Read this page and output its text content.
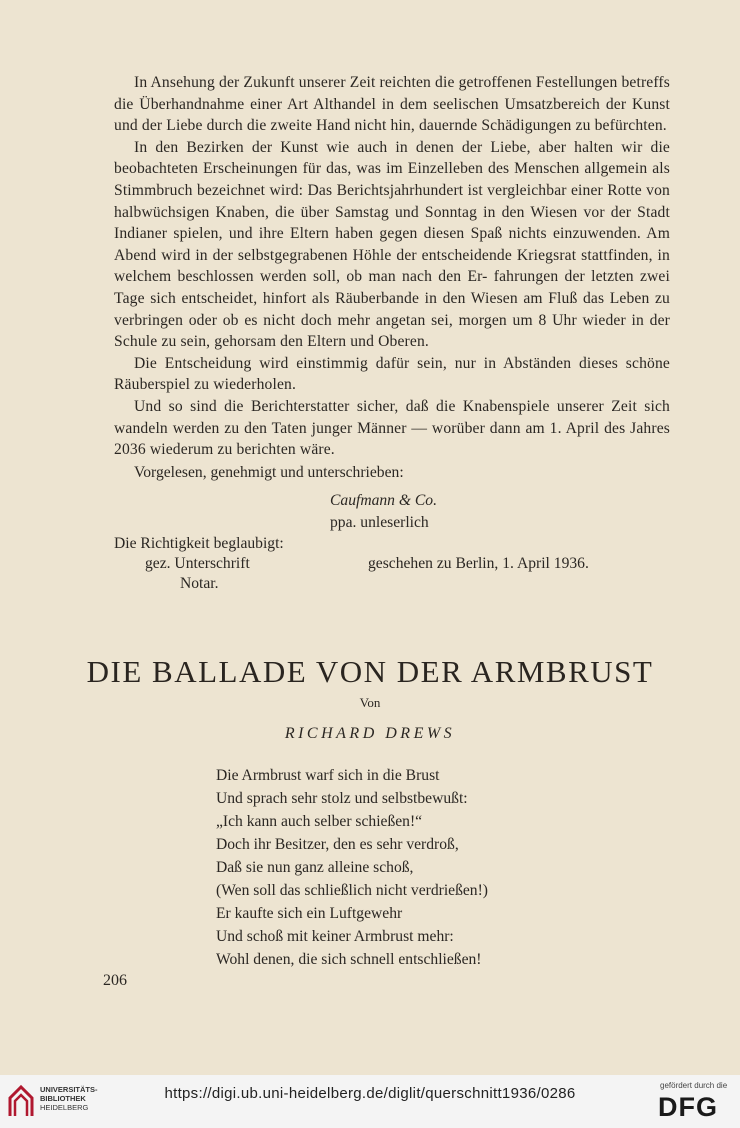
In Ansehung der Zukunft unserer Zeit reichten die getroffenen Festellungen betreffs die Überhandnahme einer Art Althandel in dem seelischen Umsatzbereich der Kunst und der Liebe durch die zweite Hand nicht hin, dauernde Schädigungen zu befürchten.

In den Bezirken der Kunst wie auch in denen der Liebe, aber halten wir die beobachteten Erscheinungen für das, was im Einzelleben des Menschen allgemein als Stimmbruch bezeichnet wird: Das Berichtsjahrhundert ist vergleichbar einer Rotte von halbwüchsigen Knaben, die über Samstag und Sonntag in den Wiesen vor der Stadt Indianer spielen, und ihre Eltern haben gegen diesen Spaß nichts einzuwenden. Am Abend wird in der selbstgegrabenen Höhle der entscheidende Kriegsrat stattfinden, in welchem beschlossen werden soll, ob man nach den Er- fahrungen der letzten zwei Tage sich entscheidet, hinfort als Räuberbande in den Wiesen am Fluß das Leben zu verbringen oder ob es nicht doch mehr angetan sei, morgen um 8 Uhr wieder in der Schule zu sein, gehorsam den Eltern und Oberen.

Die Entscheidung wird einstimmig dafür sein, nur in Abständen dieses schöne Räuberspiel zu wiederholen.

Und so sind die Berichterstatter sicher, daß die Knabenspiele unserer Zeit sich wandeln werden zu den Taten junger Männer — worüber dann am 1. April des Jahres 2036 wiederum zu berichten wäre.

Vorgelesen, genehmigt und unterschrieben:
Caufmann & Co.
ppa. unleserlich
Die Richtigkeit beglaubigt:
gez. Unterschrift	geschehen zu Berlin, 1. April 1936.
Notar.
DIE BALLADE VON DER ARMBRUST
Von
RICHARD DREWS
Die Armbrust warf sich in die Brust
Und sprach sehr stolz und selbstbewußt:
„Ich kann auch selber schießen!“
Doch ihr Besitzer, den es sehr verdroß,
Daß sie nun ganz alleine schoß,
(Wen soll das schließlich nicht verdrießen!)
Er kaufte sich ein Luftgewehr
Und schoß mit keiner Armbrust mehr:
Wohl denen, die sich schnell entschließen!
206
UNIVERSITÄTS-
BIBLIOTHEK
HEIDELBERG
https://digi.ub.uni-heidelberg.de/diglit/querschnitt1936/0286	gefördert durch die
DFG
